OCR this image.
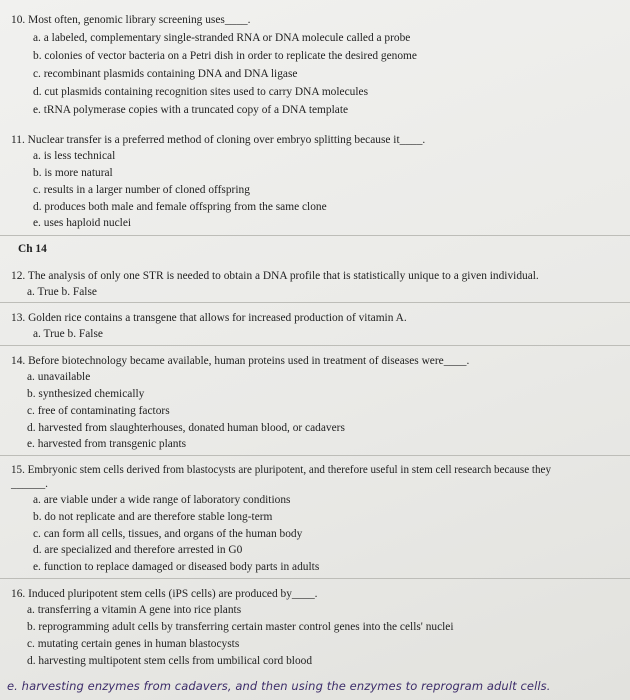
10. Most often, genomic library screening uses____.
a. a labeled, complementary single-stranded RNA or DNA molecule called a probe
b. colonies of vector bacteria on a Petri dish in order to replicate the desired genome
c. recombinant plasmids containing DNA and DNA ligase
d. cut plasmids containing recognition sites used to carry DNA molecules
e. tRNA polymerase copies with a truncated copy of a DNA template
11. Nuclear transfer is a preferred method of cloning over embryo splitting because it____.
a. is less technical
b. is more natural
c. results in a larger number of cloned offspring
d. produces both male and female offspring from the same clone
e. uses haploid nuclei
Ch 14
12. The analysis of only one STR is needed to obtain a DNA profile that is statistically unique to a given individual.
a. True b. False
13. Golden rice contains a transgene that allows for increased production of vitamin A.
a. True b. False
14. Before biotechnology became available, human proteins used in treatment of diseases were____.
a. unavailable
b. synthesized chemically
c. free of contaminating factors
d. harvested from slaughterhouses, donated human blood, or cadavers
e. harvested from transgenic plants
15. Embryonic stem cells derived from blastocysts are pluripotent, and therefore useful in stem cell research because they
______.
a. are viable under a wide range of laboratory conditions
b. do not replicate and are therefore stable long-term
c. can form all cells, tissues, and organs of the human body
d. are specialized and therefore arrested in G0
e. function to replace damaged or diseased body parts in adults
16. Induced pluripotent stem cells (iPS cells) are produced by____.
a. transferring a vitamin A gene into rice plants
b. reprogramming adult cells by transferring certain master control genes into the cells' nuclei
c. mutating certain genes in human blastocysts
d. harvesting multipotent stem cells from umbilical cord blood
e. harvesting enzymes from cadavers, and then using the enzymes to reprogram adult cells.
